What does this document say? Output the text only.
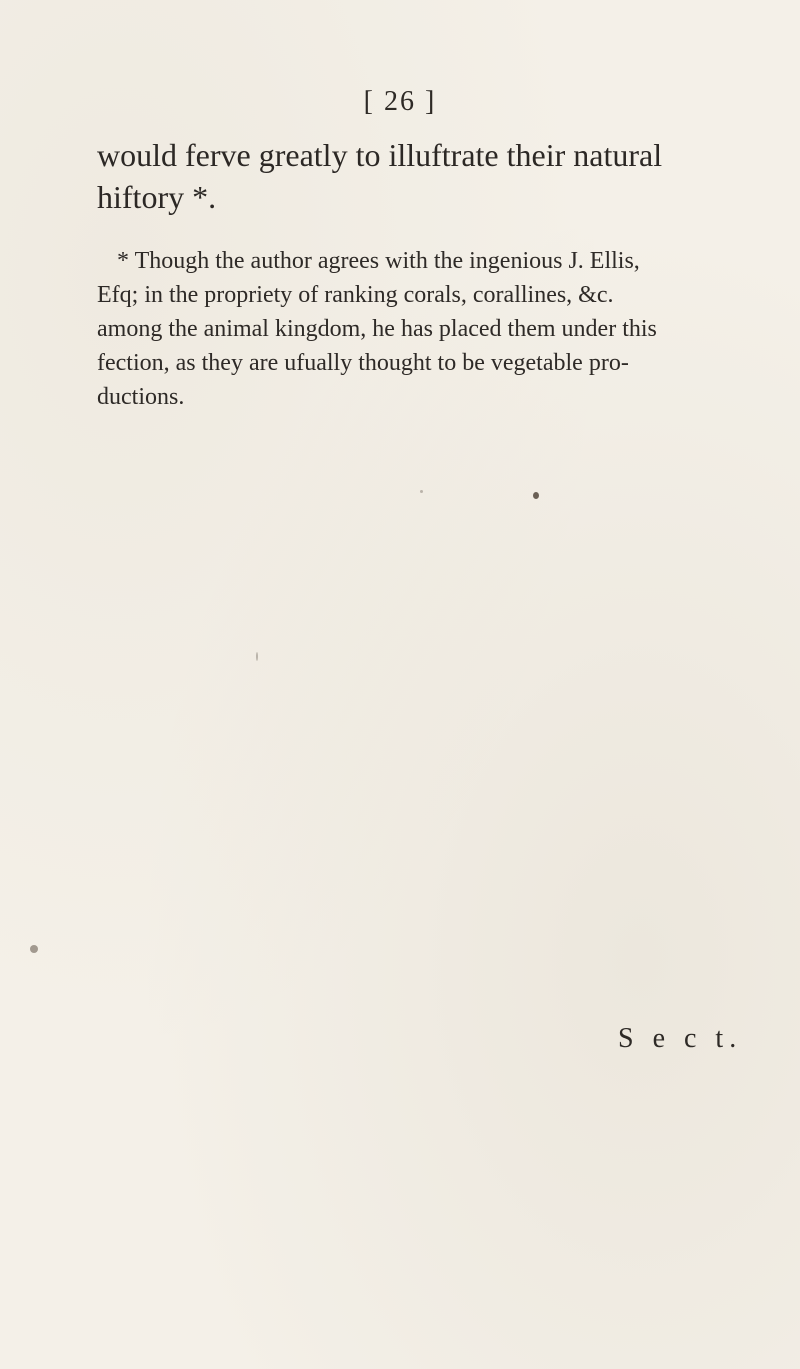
[ 26 ]
would ferve greatly to illuftrate their natural
hiftory *.
* Though the author agrees with the ingenious J. Ellis,
Efq; in the propriety of ranking corals, corallines, &c.
among the animal kingdom, he has placed them under this
fection, as they are ufually thought to be vegetable pro-
ductions.
S e c t.
